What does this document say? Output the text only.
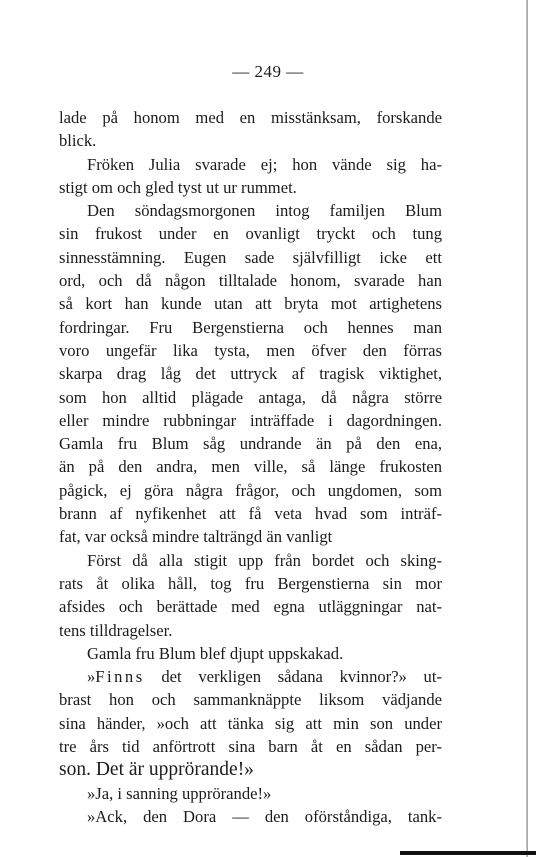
— 249 —
lade på honom med en misstänksam, forskande
blick.
Fröken Julia svarade ej; hon vände sig ha-
stigt om och gled tyst ut ur rummet.
Den söndagsmorgonen intog familjen Blum
sin frukost under en ovanligt tryckt och tung
sinnesstämning. Eugen sade självfilligt icke ett
ord, och då någon tilltalade honom, svarade han
så kort han kunde utan att bryta mot artighetens
fordringar. Fru Bergenstierna och hennes man
voro ungefär lika tysta, men öfver den förras
skarpa drag låg det uttryck af tragisk viktighet,
som hon alltid plägade antaga, då några större
eller mindre rubbningar inträffade i dagordningen.
Gamla fru Blum såg undrande än på den ena,
än på den andra, men ville, så länge frukosten
pågick, ej göra några frågor, och ungdomen, som
brann af nyfikenhet att få veta hvad som inträf-
fat, var också mindre talträngd än vanligt
Först då alla stigit upp från bordet och sking-
rats åt olika håll, tog fru Bergenstierna sin mor
afsides och berättade med egna utläggningar nat-
tens tilldragelser.
Gamla fru Blum blef djupt uppskakad.
»Finns det verkligen sådana kvinnor?» ut-
brast hon och sammanknäppte liksom vädjande
sina händer, »och att tänka sig att min son under
tre års tid anförtrott sina barn åt en sådan per-
son. Det är upprörande!»
»Ja, i sanning upprörande!»
»Ack, den Dora — den oförståndiga, tank-
